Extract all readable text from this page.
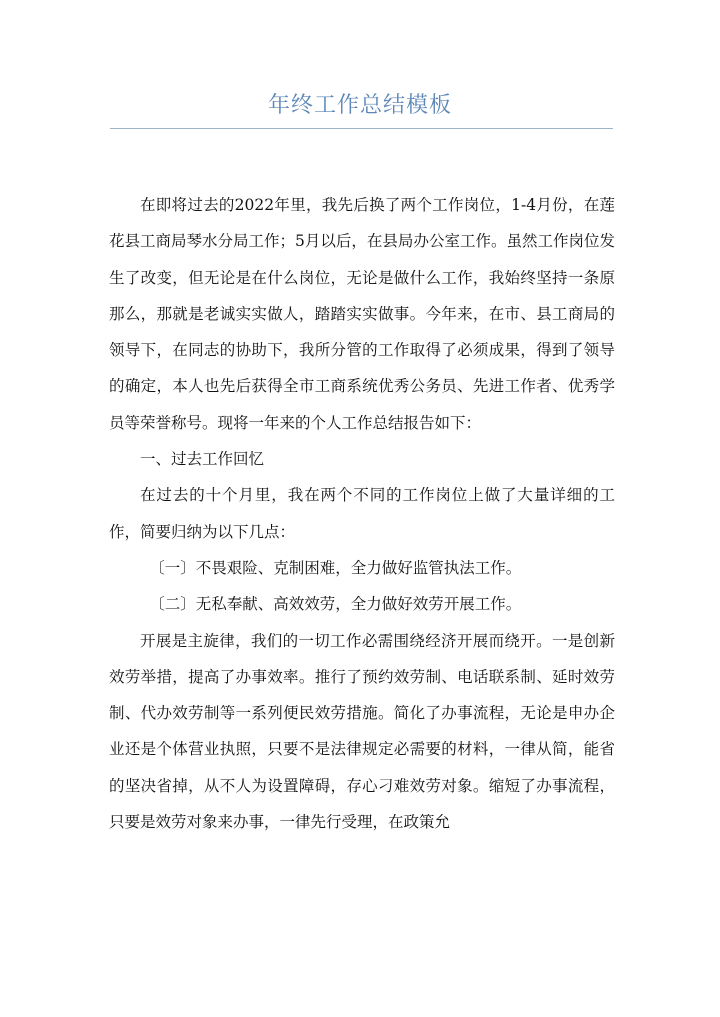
年终工作总结模板

在即将过去的2022年里，我先后换了两个工作岗位，1-4月份，在莲花县工商局琴水分局工作；5月以后，在县局办公室工作。虽然工作岗位发生了改变，但无论是在什么岗位，无论是做什么工作，我始终坚持一条原那么，那就是老诚实实做人，踏踏实实做事。今年来，在市、县工商局的领导下，在同志的协助下，我所分管的工作取得了必须成果，得到了领导的确定，本人也先后获得全市工商系统优秀公务员、先进工作者、优秀学员等荣誉称号。现将一年来的个人工作总结报告如下：

一、过去工作回忆

在过去的十个月里，我在两个不同的工作岗位上做了大量详细的工作，简要归纳为以下几点：

〔一〕不畏艰险、克制困难，全力做好监管执法工作。

〔二〕无私奉献、高效效劳，全力做好效劳开展工作。

开展是主旋律，我们的一切工作必需围绕经济开展而绕开。一是创新效劳举措，提高了办事效率。推行了预约效劳制、电话联系制、延时效劳制、代办效劳制等一系列便民效劳措施。简化了办事流程，无论是申办企业还是个体营业执照，只要不是法律规定必需要的材料，一律从简，能省的坚决省掉，从不人为设置障碍，存心刁难效劳对象。缩短了办事流程，只要是效劳对象来办事，一律先行受理，在政策允
